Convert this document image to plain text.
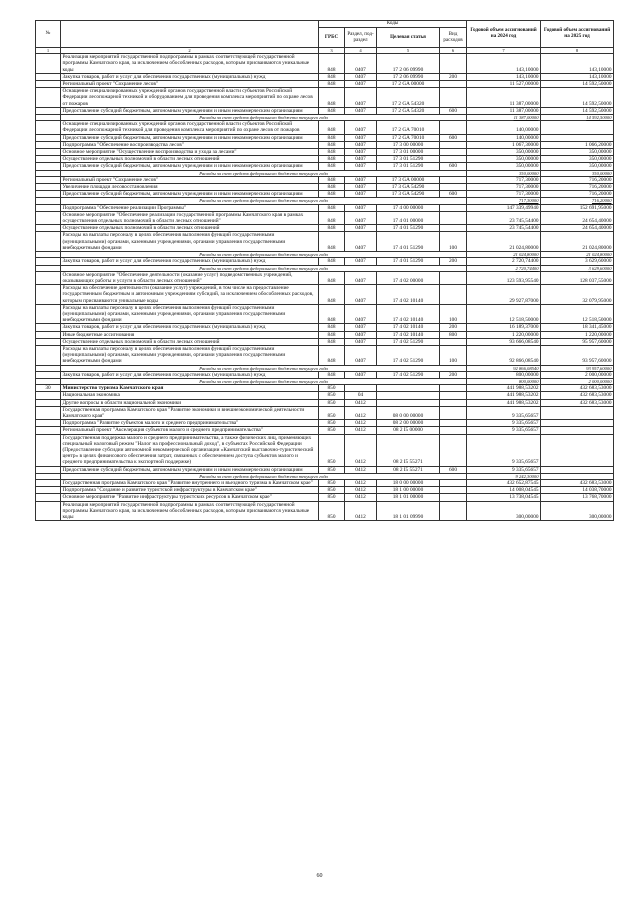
№		Коды				Годовой объем ассигнований на 2024 год	Годовой объем ассигнований на 2025 год
		ГРБС	Раздел, под-раздел	Целевая статья	Вид расходов		
1	2	3	4	5	6	7	8
	Реализация мероприятий государственной подпрограммы в рамках соответствующей государственной программы Камчатского края, за исключением обособленных расходов, которым присваиваются уникальные коды	848	0407	17 2 06 09990		143,10000	143,10000
	Закупка товаров, работ и услуг для обеспечения государственных (муниципальных) нужд	848	0407	17 2 06 09990	200	143,10000	143,10000
	Региональный проект "Сохранение лесов"	848	0407	17 2 GA 00000		11 527,00000	14 592,50000
	Оснащение специализированных учреждений органов государственной власти субъектов Российской Федерации лесопожарной техникой и оборудованием для проведения комплекса мероприятий по охране лесов от пожаров	848	0407	17 2 GA 54320		11 387,00000	14 592,50000
	Предоставление субсидий бюджетным, автономным учреждениям и иным некоммерческим организациям	848	0407	17 2 GA 54320	600	11 387,00000	14 592,50000
	Расходы за счет средств федерального бюджета текущего года					11 387,00000	14 592,50000
	Оснащение специализированных учреждений органов государственной власти субъектов Российской Федерации лесопожарной техникой для проведения комплекса мероприятий по охране лесов от пожаров	848	0407	17 2 GA 70010		140,00000	
	Предоставление субсидий бюджетным, автономным учреждениям и иным некоммерческим организациям	848	0407	17 2 GA 70010	600	140,00000	
	Подпрограмма "Обеспечение воспроизводства лесов"	848	0407	17 3 00 00000		1 067,30000	1 066,20000
	Основное мероприятие "Осуществление воспроизводства и ухода за лесами"	848	0407	17 3 01 00000		350,00000	350,00000
	Осуществление отдельных полномочий в области лесных отношений	848	0407	17 3 01 51290		350,00000	350,00000
	Предоставление субсидий бюджетным, автономным учреждениям и иным некоммерческим организациям	848	0407	17 3 01 51290	600	350,00000	350,00000
	Расходы за счет средств федерального бюджета текущего года					350,00000	350,00000
	Региональный проект "Сохранение лесов"	848	0407	17 3 GA 00000		717,30000	716,20000
	Увеличение площади лесовосстановления	848	0407	17 3 GA 54290		717,30000	716,20000
	Предоставление субсидий бюджетным, автономным учреждениям и иным некоммерческим организациям	848	0407	17 3 GA 54290	600	717,30000	716,20000
	Расходы за счет средств федерального бюджета текущего года					717,30000	716,20000
	Подпрограмма "Обеспечение реализации Программы"	848	0407	17 4 00 00000		147 339,49940	152 691,95000
	Основное мероприятие "Обеспечение реализации государственной программы Камчатского края в рамках осуществления отдельных полномочий в области лесных отношений"	848	0407	17 4 01 00000		23 745,54400	24 654,40000
	Осуществление отдельных полномочий в области лесных отношений	848	0407	17 4 01 51290		23 745,54400	24 654,40000
	Расходы на выплаты персоналу в целях обеспечения выполнения функций государственными (муниципальными) органами, казенными учреждениями, органами управления государственными внебюджетными фондами	848	0407	17 4 01 51290	100	21 024,80000	21 024,80000
	Расходы за счет средств федерального бюджета текущего года					21 024,80000	21 024,80000
	Закупка товаров, работ и услуг для обеспечения государственных (муниципальных) нужд	848	0407	17 4 01 51290	200	2 720,74400	3 629,60000
	Расходы за счет средств федерального бюджета текущего года					2 720,74400	3 629,60000
	Основное мероприятие "Обеспечение деятельности (оказание услуг) подведомственных учреждений, оказывающих работы и услуги в области лесных отношений"	848	0407	17 4 02 00000		123 593,95540	128 037,55000
	Расходы на обеспечение деятельности (оказание услуг) учреждений, в том числе на предоставление государственным бюджетным и автономным учреждениям субсидий, за исключением обособленных расходов, которым присваиваются уникальные коды	848	0407	17 4 02 10140		29 927,87000	32 079,95000
	Расходы на выплаты персоналу в целях обеспечения выполнения функций государственными (муниципальными) органами, казенными учреждениями, органами управления государственными внебюджетными фондами	848	0407	17 4 02 10140	100	12 518,50000	12 518,50000
	Закупка товаров, работ и услуг для обеспечения государственных (муниципальных) нужд	848	0407	17 4 02 10140	200	16 189,37000	18 341,45000
	Иные бюджетные ассигнования	848	0407	17 4 02 10140	800	1 220,00000	1 220,00000
	Осуществление отдельных полномочий в области лесных отношений	848	0407	17 4 02 51290		93 666,08540	95 957,60000
	Расходы на выплаты персоналу в целях обеспечения выполнения функций государственными (муниципальными) органами, казенными учреждениями, органами управления государственными внебюджетными фондами	848	0407	17 4 02 51290	100	92 866,08540	93 957,60000
	Расходы за счет средств федерального бюджета текущего года					92 866,08540	93 957,60000
	Закупка товаров, работ и услуг для обеспечения государственных (муниципальных) нужд	848	0407	17 4 02 51290	200	800,00000	2 000,00000
	Расходы за счет средств федерального бюджета текущего года					800,00000	2 000,00000
30	Министерство туризма Камчатского края	850				441 988,53202	432 683,53000
	Национальная экономика	850	04			441 988,53202	432 683,53000
	Другие вопросы в области национальной экономики	850	0412			441 988,53202	432 683,53000
	Государственная программа Камчатского края "Развитие экономики и внешнеэкономической деятельности Камчатского края"	850	0412	08 0 00 00000		9 335,65657	
	Подпрограмма "Развитие субъектов малого и среднего предпринимательства"	850	0412	08 2 00 00000		9 335,65657	
	Региональный проект "Акселерация субъектов малого и среднего предпринимательства"	850	0412	08 2 I5 00000		9 335,65657	
	Государственная поддержка малого и среднего предпринимательства, а также физических лиц, применяющих специальный налоговый режим "Налог на профессиональный доход", в субъектах Российской Федерации (Предоставление субсидии автономной некоммерческой организации «Камчатский выставочно-туристический центр» в целях финансового обеспечения затрат, связанных с обеспечением доступа субъектов малого и среднего предпринимательства к экспортной поддержке)	850	0412	08 2 I5 55271		9 335,65657	
	Предоставление субсидий бюджетным, автономным учреждениям и иным некоммерческим организациям	850	0412	08 2 I5 55271	600	9 335,65657	
	Расходы за счет средств федерального бюджета текущего года					9 242,30000	
	Государственная программа Камчатского края "Развитие внутреннего и въездного туризма в Камчатском крае"	850	0412	18 0 00 00000		432 652,87545	432 683,53000
	Подпрограмма "Создание и развитие туристской инфраструктуры в Камчатском крае"	850	0412	18 1 00 00000		14 008,04545	14 038,70000
	Основное мероприятие "Развитие инфраструктуры туристских ресурсов в Камчатском крае"	850	0412	18 1 01 00000		13 738,04545	13 768,70000
	Реализация мероприятий государственной подпрограммы в рамках соответствующей государственной программы Камчатского края, за исключением обособленных расходов, которым присваиваются уникальные коды	850	0412	18 1 01 09990		300,00000	300,00000
60
